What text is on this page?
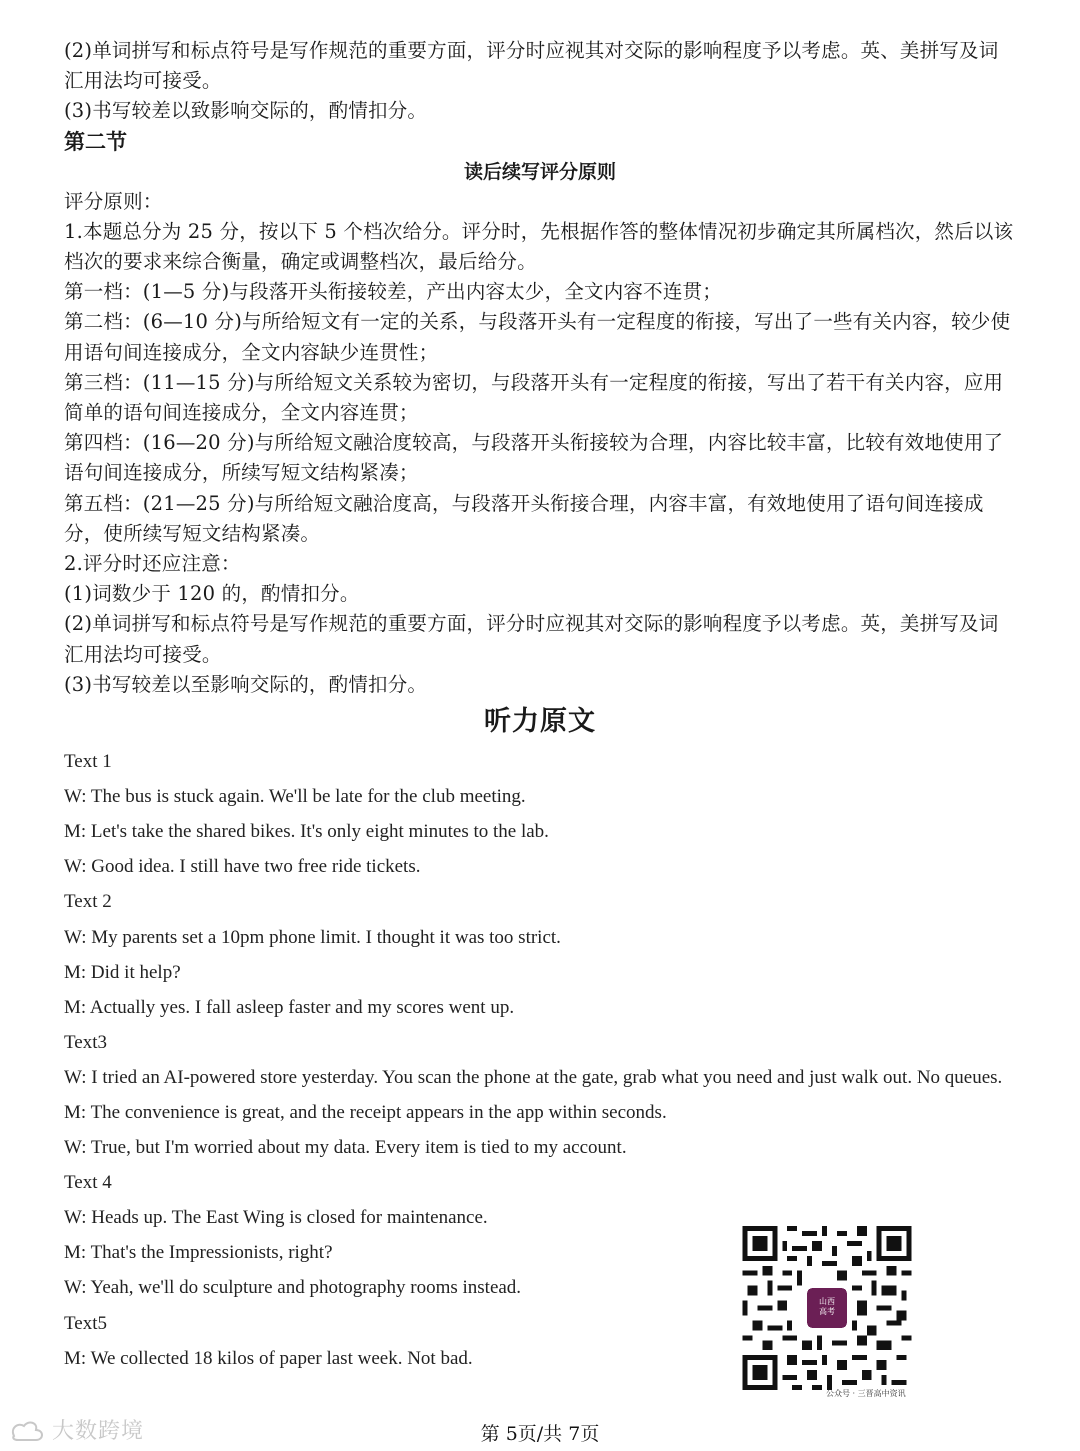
(2)单词拼写和标点符号是写作规范的重要方面，评分时应视其对交际的影响程度予以考虑。英、美拼写及词汇用法均可接受。

(3)书写较差以致影响交际的，酌情扣分。

第二节

读后续写评分原则

评分原则：

1.本题总分为 25 分，按以下 5 个档次给分。评分时，先根据作答的整体情况初步确定其所属档次，然后以该档次的要求来综合衡量，确定或调整档次，最后给分。

第一档：(1—5 分)与段落开头衔接较差，产出内容太少，全文内容不连贯；

第二档：(6—10 分)与所给短文有一定的关系，与段落开头有一定程度的衔接，写出了一些有关内容，较少使用语句间连接成分，全文内容缺少连贯性；

第三档：(11—15 分)与所给短文关系较为密切，与段落开头有一定程度的衔接，写出了若干有关内容，应用简单的语句间连接成分，全文内容连贯；

第四档：(16—20 分)与所给短文融洽度较高，与段落开头衔接较为合理，内容比较丰富，比较有效地使用了语句间连接成分，所续写短文结构紧凑；

第五档：(21—25 分)与所给短文融洽度高，与段落开头衔接合理，内容丰富，有效地使用了语句间连接成分，使所续写短文结构紧凑。

2.评分时还应注意：

(1)词数少于 120 的，酌情扣分。

(2)单词拼写和标点符号是写作规范的重要方面，评分时应视其对交际的影响程度予以考虑。英，美拼写及词汇用法均可接受。

(3)书写较差以至影响交际的，酌情扣分。

听力原文

Text 1

W: The bus is stuck again. We'll be late for the club meeting.

M: Let's take the shared bikes. It's only eight minutes to the lab.

W: Good idea. I still have two free ride tickets.

Text 2

W: My parents set a 10pm phone limit. I thought it was too strict.

M: Did it help?

M: Actually yes. I fall asleep faster and my scores went up.

Text3

W: I tried an AI-powered store yesterday. You scan the phone at the gate, grab what you need and just walk out. No queues.

M: The convenience is great, and the receipt appears in the app within seconds.

W: True, but I'm worried about my data. Every item is tied to my account.

Text 4

W: Heads up. The East Wing is closed for maintenance.

M: That's the Impressionists, right?

W: Yeah, we'll do sculpture and photography rooms instead.

Text5

M: We collected 18 kilos of paper last week. Not bad.

山西
高考
公众号 · 三晋高中资讯
大数跨境	第 5页/共 7页
